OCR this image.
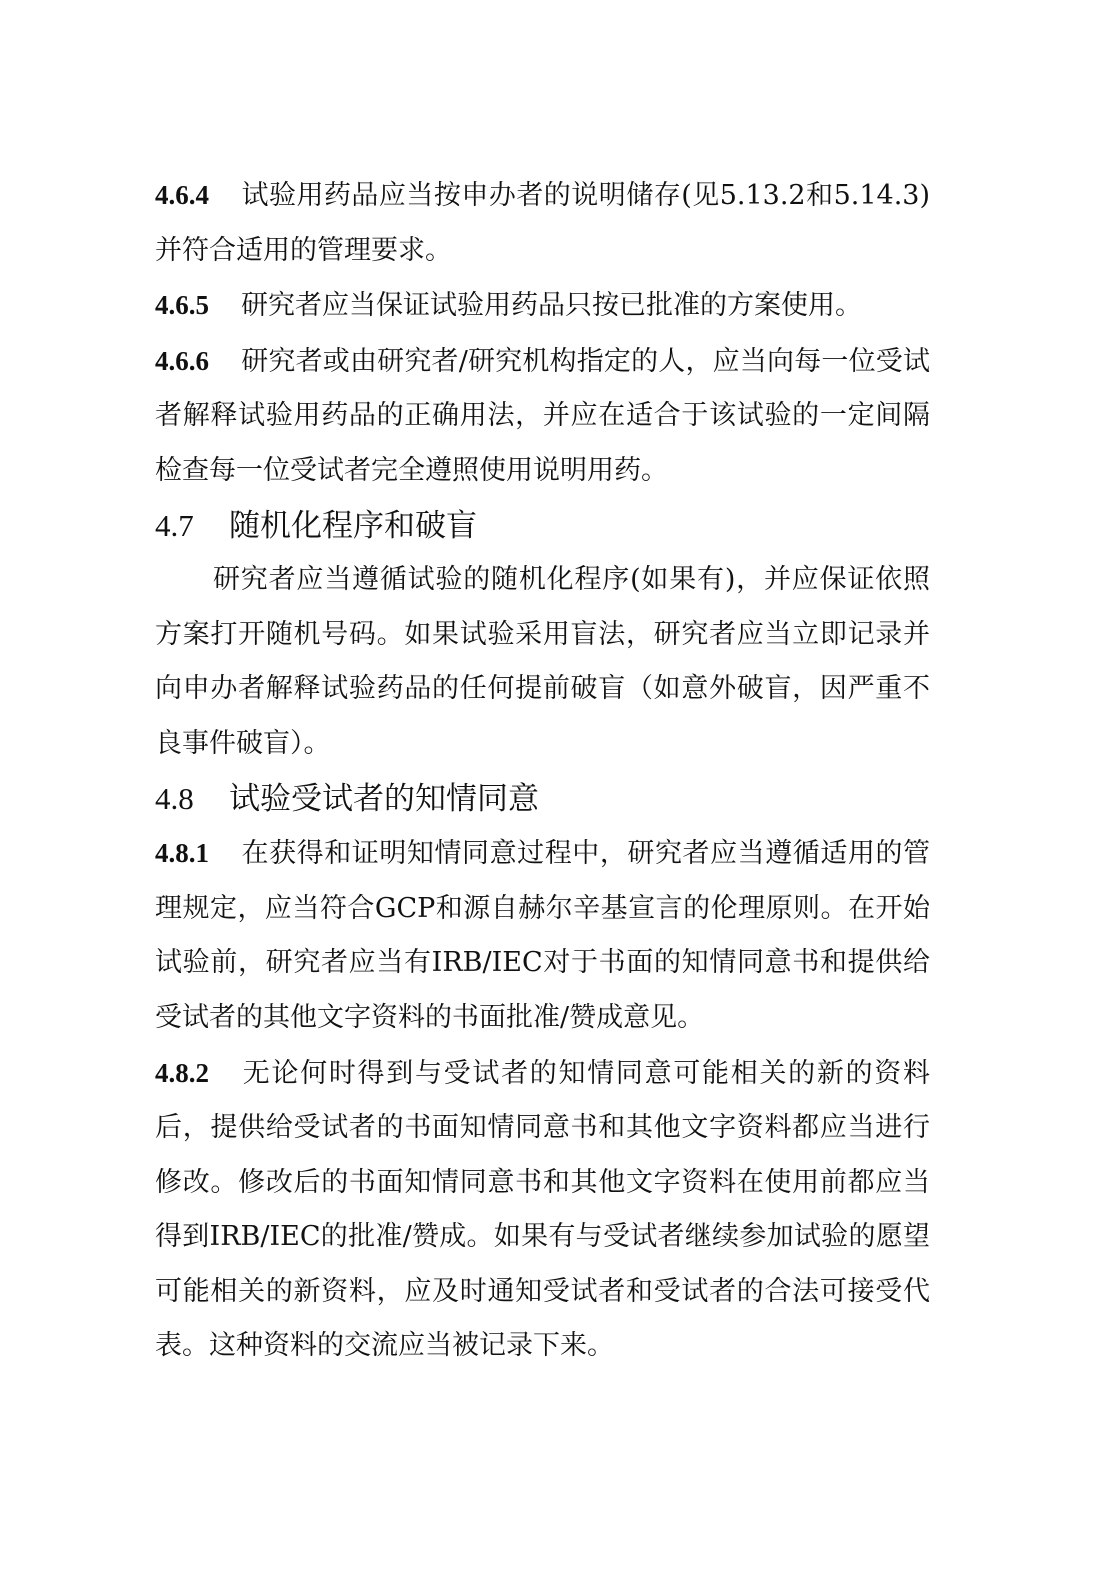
4.6.4 试验用药品应当按申办者的说明储存(见5.13.2和5.14.3)并符合适用的管理要求。

4.6.5 研究者应当保证试验用药品只按已批准的方案使用。

4.6.6 研究者或由研究者/研究机构指定的人，应当向每一位受试者解释试验用药品的正确用法，并应在适合于该试验的一定间隔检查每一位受试者完全遵照使用说明用药。

4.7 随机化程序和破盲

研究者应当遵循试验的随机化程序(如果有)，并应保证依照方案打开随机号码。如果试验采用盲法，研究者应当立即记录并向申办者解释试验药品的任何提前破盲（如意外破盲，因严重不良事件破盲）。

4.8 试验受试者的知情同意

4.8.1 在获得和证明知情同意过程中，研究者应当遵循适用的管理规定，应当符合GCP和源自赫尔辛基宣言的伦理原则。在开始试验前，研究者应当有IRB/IEC对于书面的知情同意书和提供给受试者的其他文字资料的书面批准/赞成意见。

4.8.2 无论何时得到与受试者的知情同意可能相关的新的资料后，提供给受试者的书面知情同意书和其他文字资料都应当进行修改。修改后的书面知情同意书和其他文字资料在使用前都应当得到IRB/IEC的批准/赞成。如果有与受试者继续参加试验的愿望可能相关的新资料，应及时通知受试者和受试者的合法可接受代表。这种资料的交流应当被记录下来。
